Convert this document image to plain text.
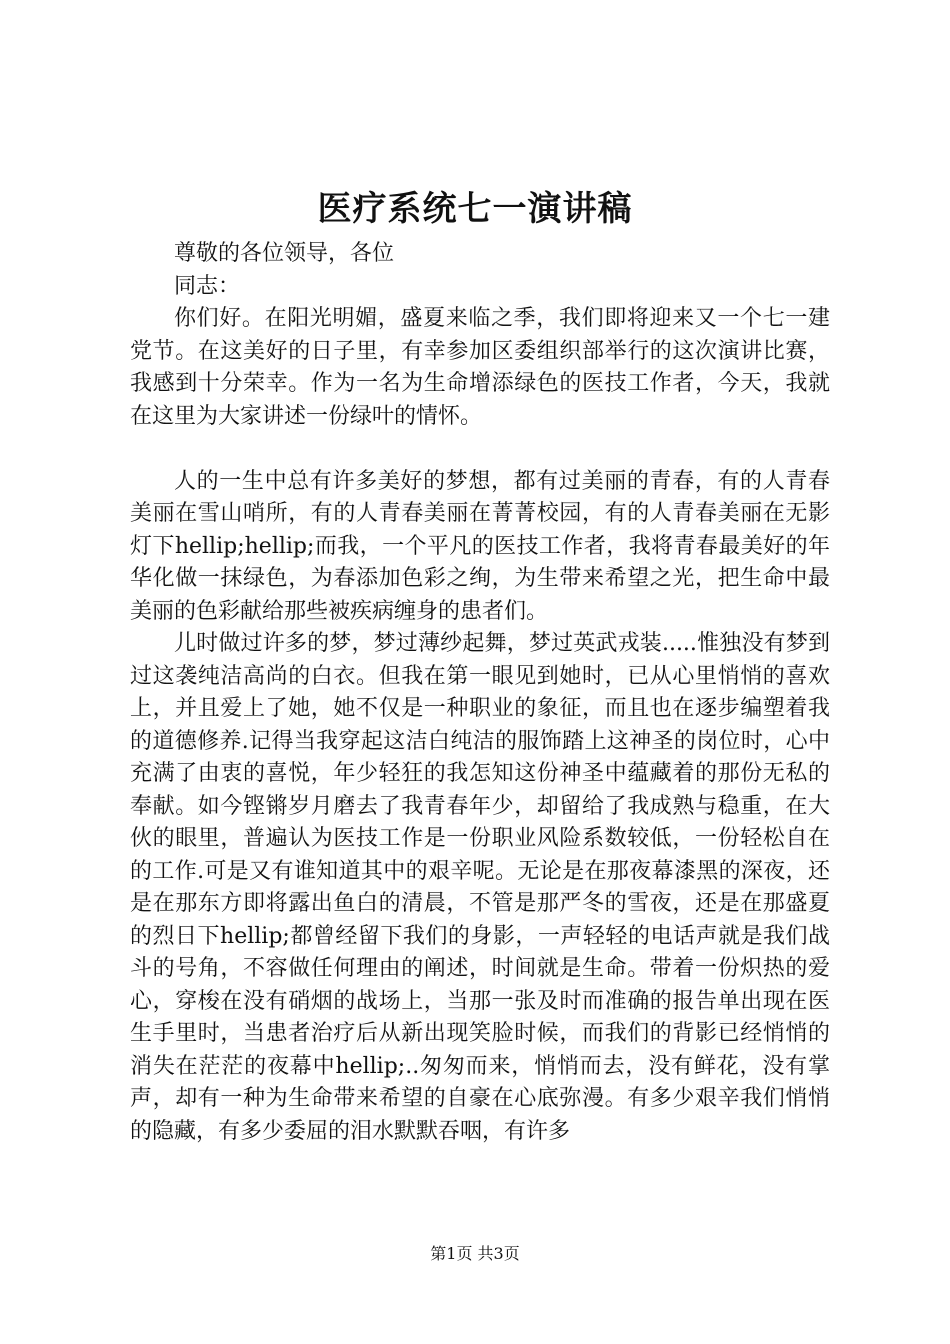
医疗系统七一演讲稿

尊敬的各位领导，各位

同志：

你们好。在阳光明媚，盛夏来临之季，我们即将迎来又一个七一建党节。在这美好的日子里，有幸参加区委组织部举行的这次演讲比赛，我感到十分荣幸。作为一名为生命增添绿色的医技工作者，今天，我就在这里为大家讲述一份绿叶的情怀。

人的一生中总有许多美好的梦想，都有过美丽的青春，有的人青春美丽在雪山哨所，有的人青春美丽在菁菁校园，有的人青春美丽在无影灯下hellip;hellip;而我，一个平凡的医技工作者，我将青春最美好的年华化做一抹绿色，为春添加色彩之绚，为生带来希望之光，把生命中最美丽的色彩献给那些被疾病缠身的患者们。

儿时做过许多的梦，梦过薄纱起舞，梦过英武戎装.....惟独没有梦到过这袭纯洁高尚的白衣。但我在第一眼见到她时，已从心里悄悄的喜欢上，并且爱上了她，她不仅是一种职业的象征，而且也在逐步编塑着我的道德修养.记得当我穿起这洁白纯洁的服饰踏上这神圣的岗位时，心中充满了由衷的喜悦，年少轻狂的我怎知这份神圣中蕴藏着的那份无私的奉献。如今铿锵岁月磨去了我青春年少，却留给了我成熟与稳重，在大伙的眼里，普遍认为医技工作是一份职业风险系数较低，一份轻松自在的工作.可是又有谁知道其中的艰辛呢。无论是在那夜幕漆黑的深夜，还是在那东方即将露出鱼白的清晨，不管是那严冬的雪夜，还是在那盛夏的烈日下hellip;都曾经留下我们的身影，一声轻轻的电话声就是我们战斗的号角，不容做任何理由的阐述，时间就是生命。带着一份炽热的爱心，穿梭在没有硝烟的战场上，当那一张及时而准确的报告单出现在医生手里时，当患者治疗后从新出现笑脸时候，而我们的背影已经悄悄的消失在茫茫的夜幕中hellip;..匆匆而来，悄悄而去，没有鲜花，没有掌声，却有一种为生命带来希望的自豪在心底弥漫。有多少艰辛我们悄悄的隐藏，有多少委屈的泪水默默吞咽，有许多

第1页 共3页
